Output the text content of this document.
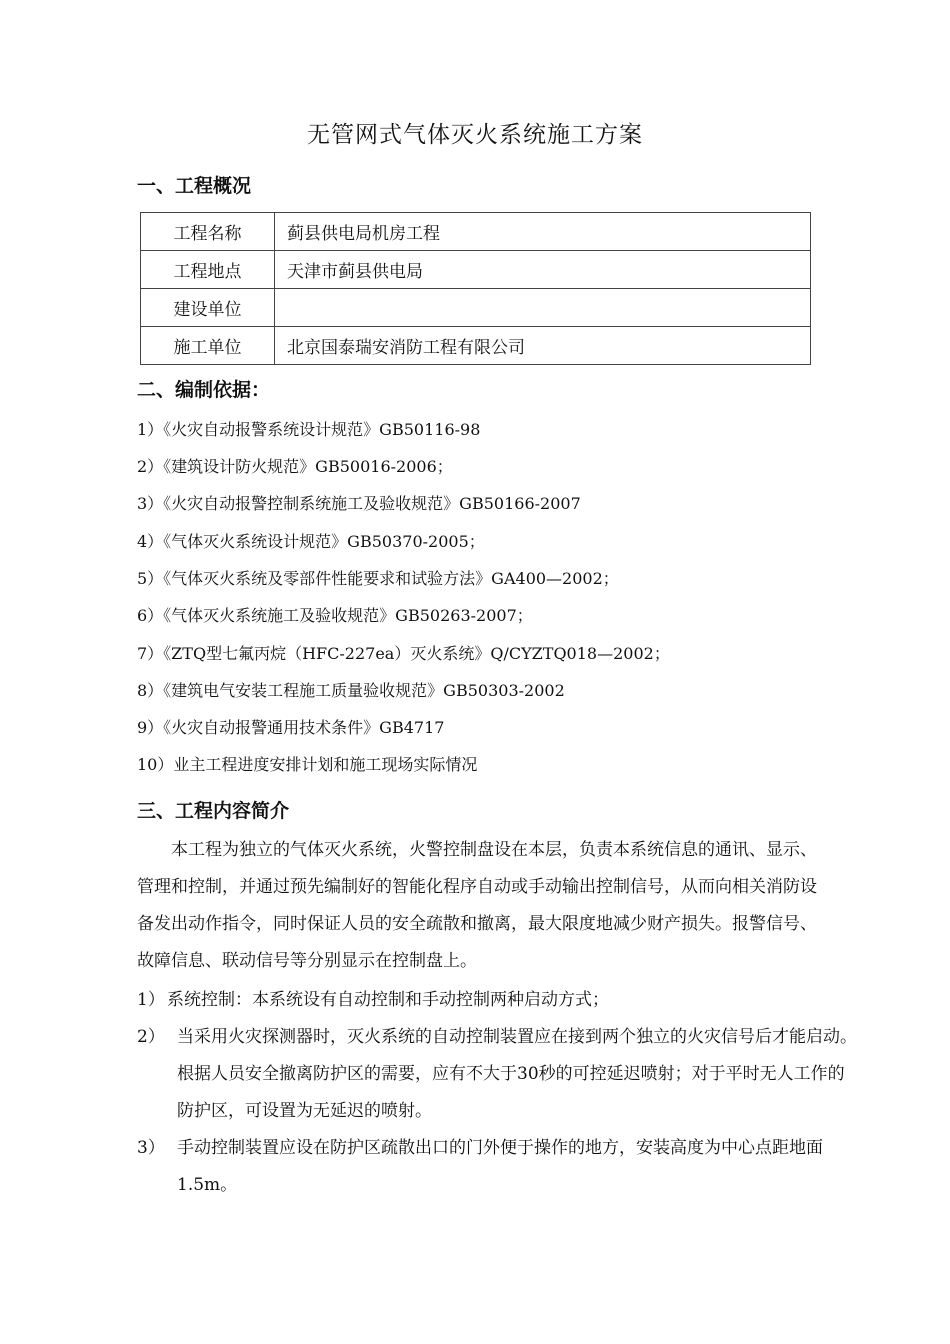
无管网式气体灭火系统施工方案
一、工程概况
工程名称	蓟县供电局机房工程
工程地点	天津市蓟县供电局
建设单位	
施工单位	北京国泰瑞安消防工程有限公司
二、编制依据：
1）《火灾自动报警系统设计规范》GB50116-98
2）《建筑设计防火规范》GB50016-2006；
3）《火灾自动报警控制系统施工及验收规范》GB50166-2007
4）《气体灭火系统设计规范》GB50370-2005；
5）《气体灭火系统及零部件性能要求和试验方法》GA400—2002；
6）《气体灭火系统施工及验收规范》GB50263-2007；
7）《ZTQ型七氟丙烷（HFC-227ea）灭火系统》Q/CYZTQ018—2002；
8）《建筑电气安装工程施工质量验收规范》GB50303-2002
9）《火灾自动报警通用技术条件》GB4717
10）业主工程进度安排计划和施工现场实际情况
三、工程内容简介

本工程为独立的气体灭火系统，火警控制盘设在本层，负责本系统信息的通讯、显示、管理和控制，并通过预先编制好的智能化程序自动或手动输出控制信号，从而向相关消防设备发出动作指令，同时保证人员的安全疏散和撤离，最大限度地减少财产损失。报警信号、故障信息、联动信号等分别显示在控制盘上。

1） 系统控制：本系统设有自动控制和手动控制两种启动方式；

2） 当采用火灾探测器时，灭火系统的自动控制装置应在接到两个独立的火灾信号后才能启动。根据人员安全撤离防护区的需要，应有不大于30秒的可控延迟喷射；对于平时无人工作的防护区，可设置为无延迟的喷射。

3） 手动控制装置应设在防护区疏散出口的门外便于操作的地方，安装高度为中心点距地面1.5m。
